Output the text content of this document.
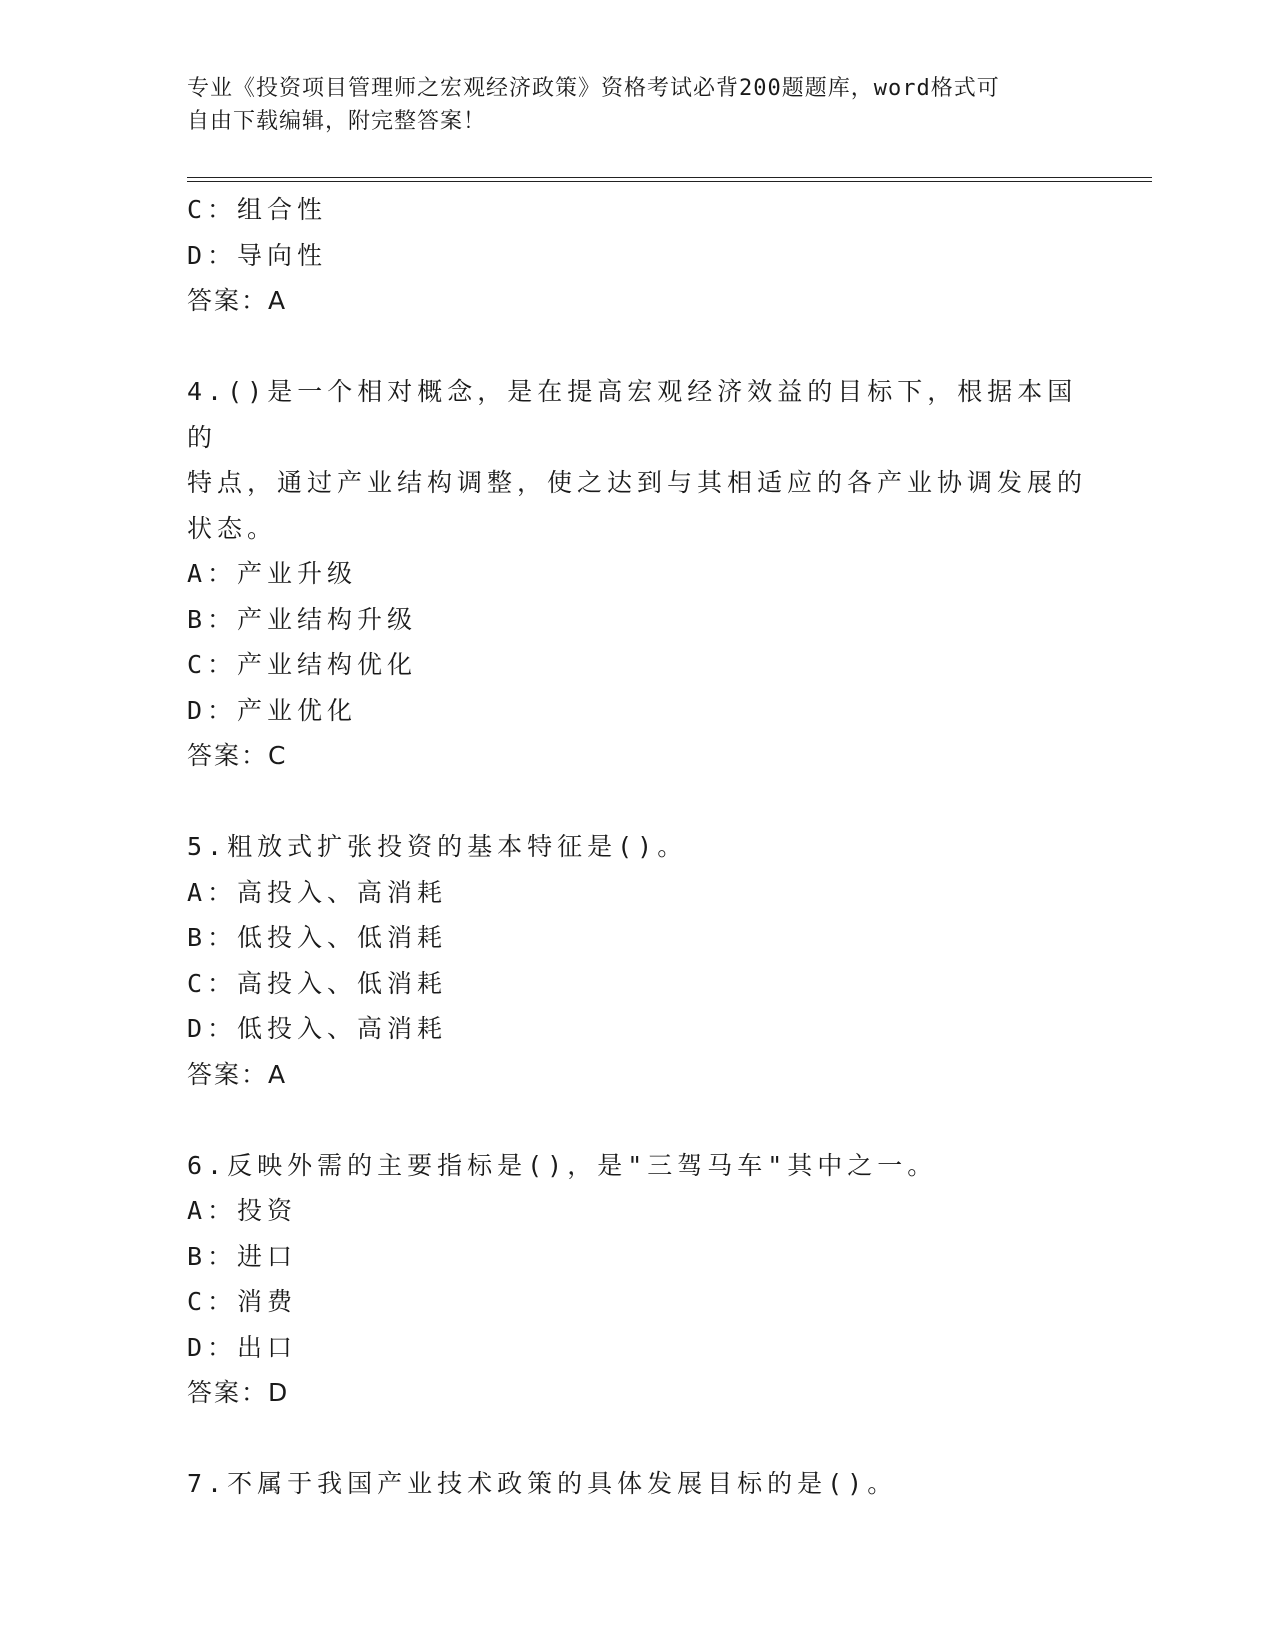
专业《投资项目管理师之宏观经济政策》资格考试必背200题题库，word格式可
自由下载编辑，附完整答案！
C：组合性
D：导向性
答案：A
4.()是一个相对概念，是在提高宏观经济效益的目标下，根据本国的
特点，通过产业结构调整，使之达到与其相适应的各产业协调发展的
状态。
A：产业升级
B：产业结构升级
C：产业结构优化
D：产业优化
答案：C
5.粗放式扩张投资的基本特征是()。
A：高投入、高消耗
B：低投入、低消耗
C：高投入、低消耗
D：低投入、高消耗
答案：A
6.反映外需的主要指标是()，是"三驾马车"其中之一。
A：投资
B：进口
C：消费
D：出口
答案：D
7.不属于我国产业技术政策的具体发展目标的是()。
